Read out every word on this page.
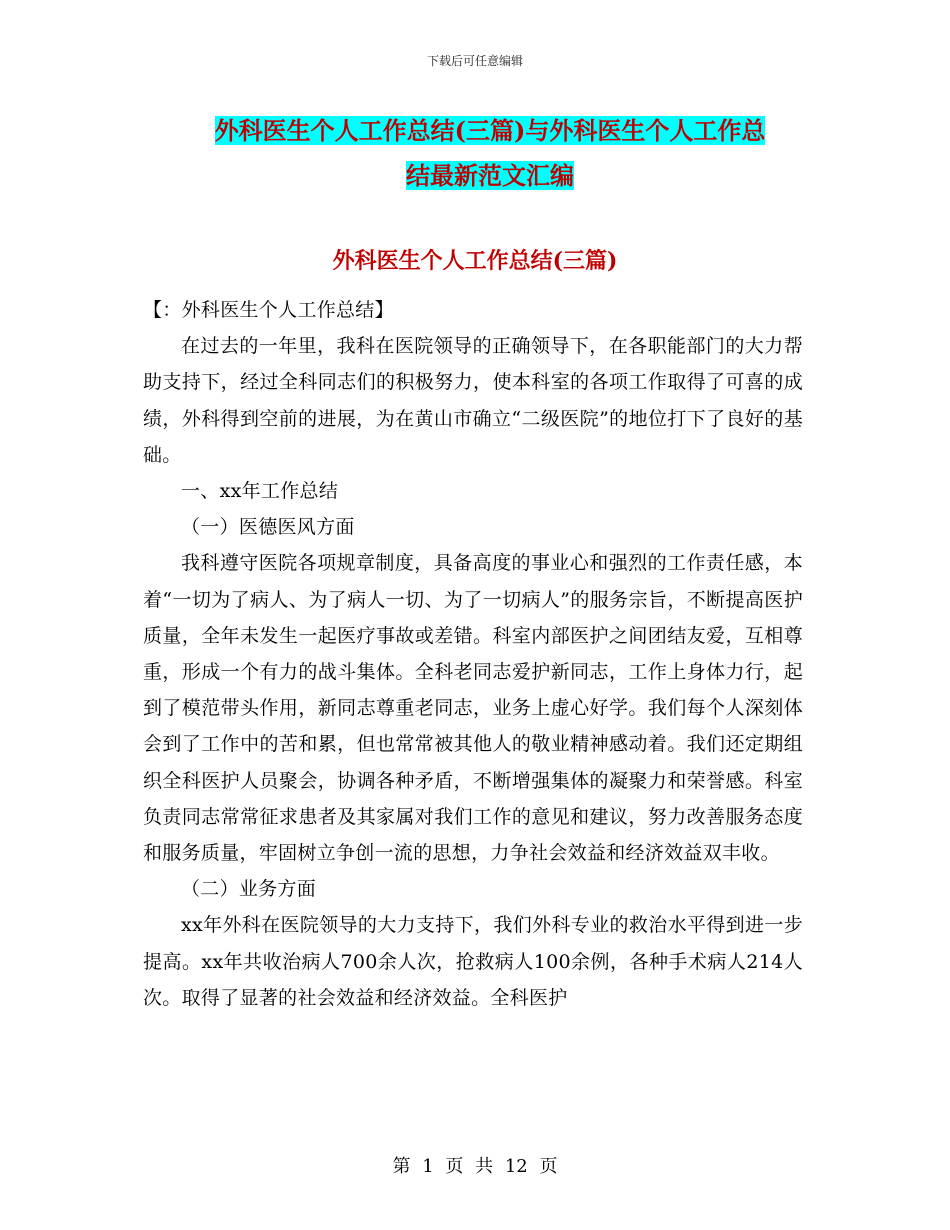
下载后可任意编辑
外科医生个人工作总结(三篇)与外科医生个人工作总
结最新范文汇编
外科医生个人工作总结(三篇)

【：外科医生个人工作总结】

在过去的一年里，我科在医院领导的正确领导下，在各职能部门的大力帮助支持下，经过全科同志们的积极努力，使本科室的各项工作取得了可喜的成绩，外科得到空前的进展，为在黄山市确立“二级医院”的地位打下了良好的基础。

一、xx年工作总结

（一）医德医风方面

我科遵守医院各项规章制度，具备高度的事业心和强烈的工作责任感，本着“一切为了病人、为了病人一切、为了一切病人”的服务宗旨，不断提高医护质量，全年未发生一起医疗事故或差错。科室内部医护之间团结友爱，互相尊重，形成一个有力的战斗集体。全科老同志爱护新同志，工作上身体力行，起到了模范带头作用，新同志尊重老同志，业务上虚心好学。我们每个人深刻体会到了工作中的苦和累，但也常常被其他人的敬业精神感动着。我们还定期组织全科医护人员聚会，协调各种矛盾，不断增强集体的凝聚力和荣誉感。科室负责同志常常征求患者及其家属对我们工作的意见和建议，努力改善服务态度和服务质量，牢固树立争创一流的思想，力争社会效益和经济效益双丰收。

（二）业务方面

xx年外科在医院领导的大力支持下，我们外科专业的救治水平得到进一步提高。xx年共收治病人700余人次，抢救病人100余例，各种手术病人214人次。取得了显著的社会效益和经济效益。全科医护

第 1 页 共 12 页
